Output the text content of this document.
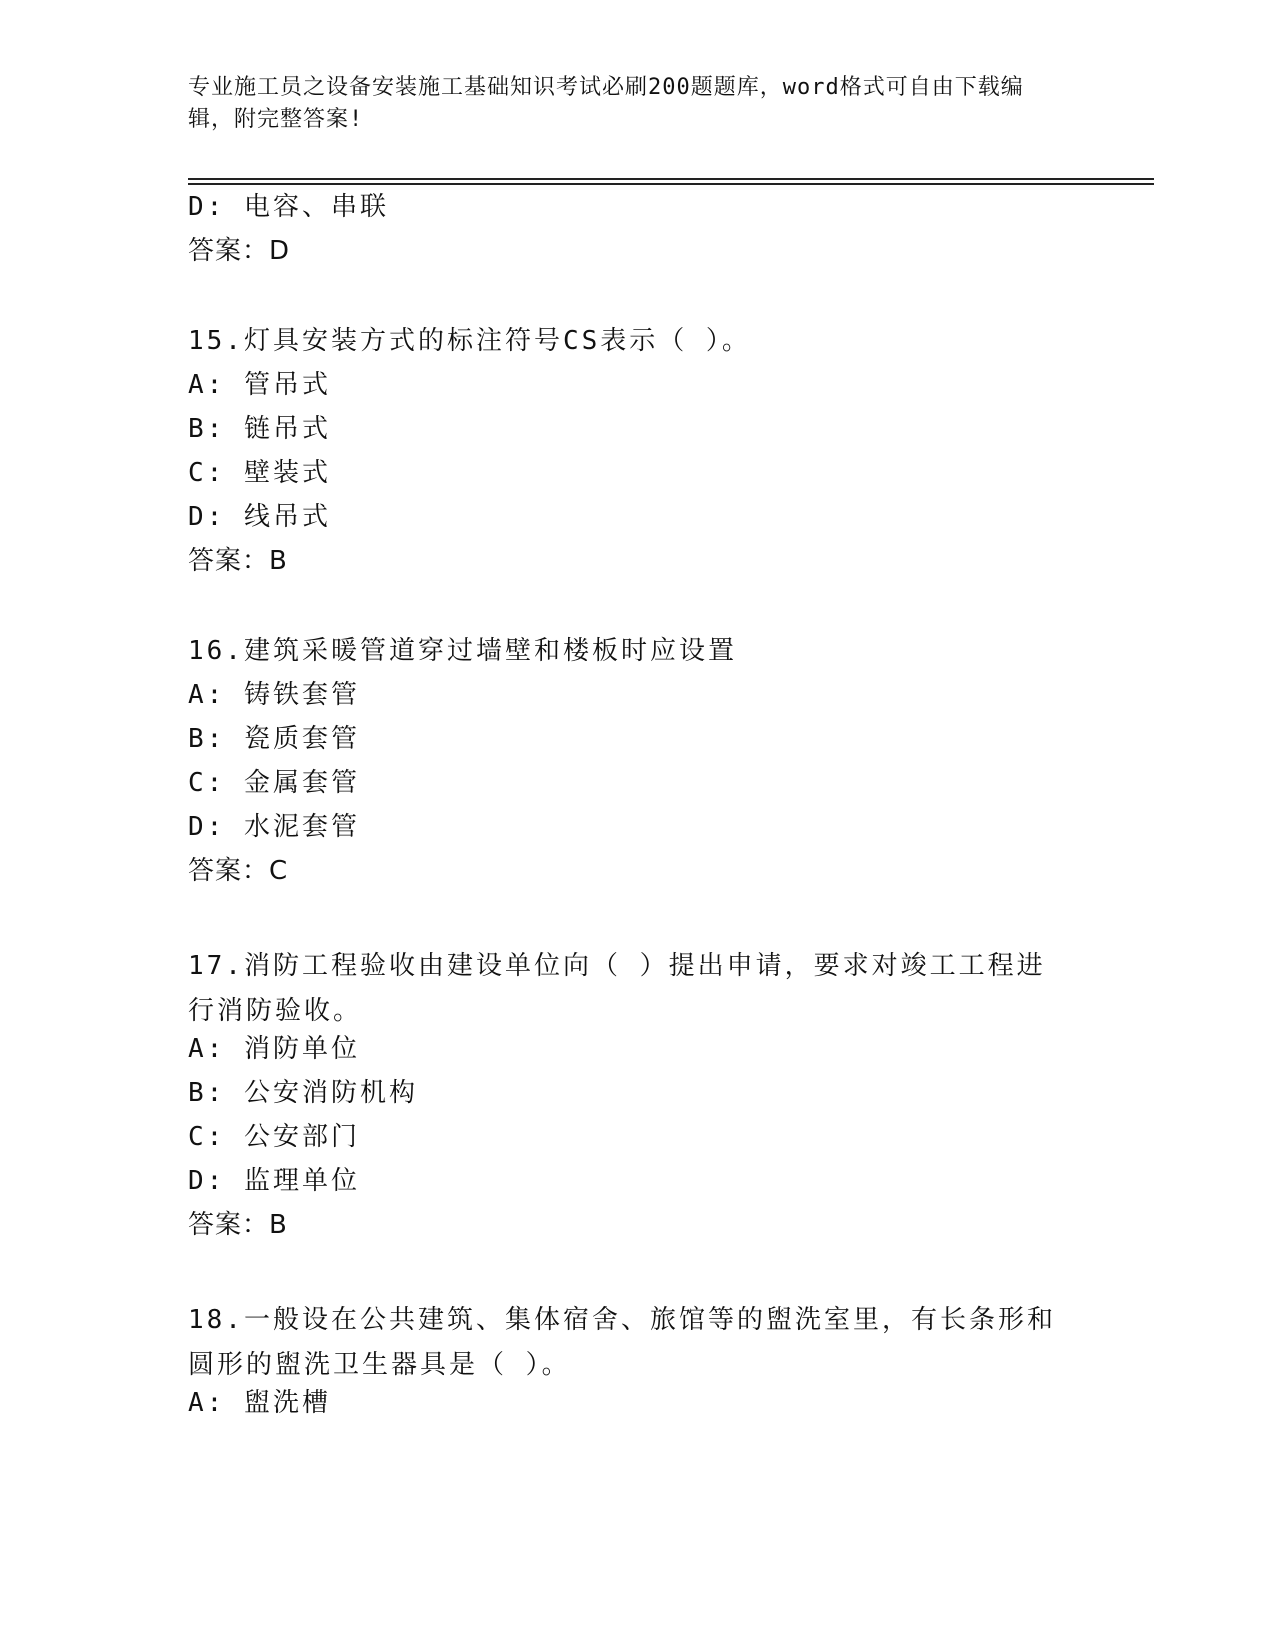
专业施工员之设备安装施工基础知识考试必刷200题题库，word格式可自由下载编辑，附完整答案!
D: 电容、串联
答案：D
15.灯具安装方式的标注符号CS表示（ ）。
A: 管吊式
B: 链吊式
C: 壁装式
D: 线吊式
答案：B
16.建筑采暖管道穿过墙壁和楼板时应设置
A: 铸铁套管
B: 瓷质套管
C: 金属套管
D: 水泥套管
答案：C
17.消防工程验收由建设单位向（ ）提出申请，要求对竣工工程进行消防验收。
A: 消防单位
B: 公安消防机构
C: 公安部门
D: 监理单位
答案：B
18.一般设在公共建筑、集体宿舍、旅馆等的盥洗室里，有长条形和圆形的盥洗卫生器具是（ ）。
A: 盥洗槽
